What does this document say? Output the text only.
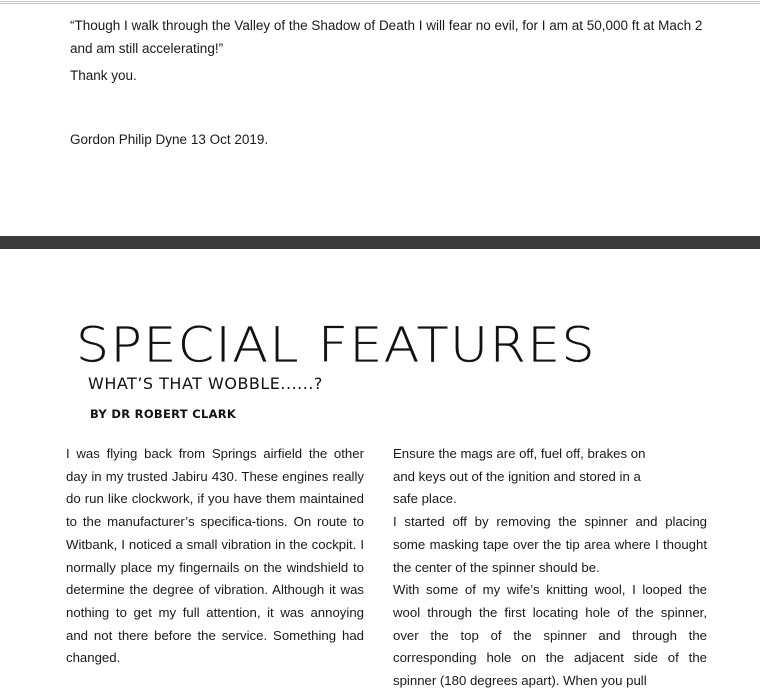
“Though I walk through the Valley of the Shadow of Death I will fear no evil, for I am at 50,000 ft at Mach 2 and am still accelerating!”
Thank you.
Gordon Philip Dyne 13 Oct 2019.
SPECIAL FEATURES
WHAT’S THAT WOBBLE......?
BY DR ROBERT CLARK

I was flying back from Springs airfield the other day in my trusted Jabiru 430. These engines really do run like clockwork, if you have them maintained to the manufacturer’s specifica-tions. On route to Witbank, I noticed a small vibration in the cockpit. I normally place my fingernails on the windshield to determine the degree of vibration. Although it was nothing to get my full attention, it was annoying and not there before the service. Something had changed.

Ensure the mags are off, fuel off, brakes on and keys out of the ignition and stored in a safe place.

I started off by removing the spinner and placing some masking tape over the tip area where I thought the center of the spinner should be.

With some of my wife’s knitting wool, I looped the wool through the first locating hole of the spinner, over the top of the spinner and through the corresponding hole on the adjacent side of the spinner (180 degrees apart). When you pull
